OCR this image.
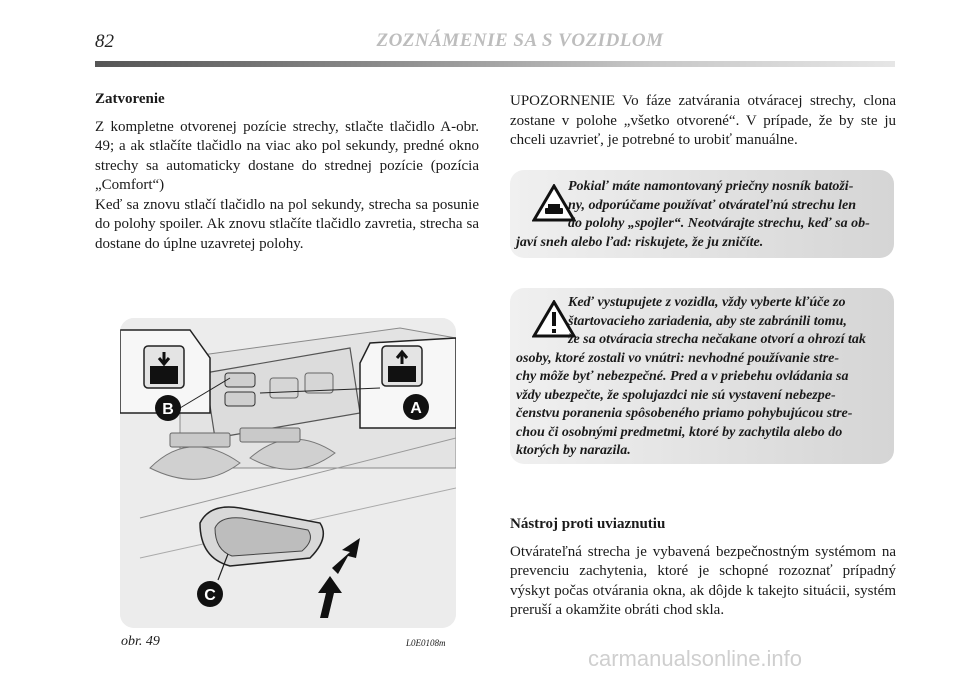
82	ZOZNÁMENIE SA S VOZIDLOM

Zatvorenie

Z kompletne otvorenej pozície strechy, stlačte tlačidlo A-obr. 49; a ak stlačíte tlačidlo na viac ako pol sekundy, predné okno strechy sa automaticky dostane do strednej pozície (pozícia „Comfort“)

Keď sa znovu stlačí tlačidlo na pol sekundy, strecha sa posunie do polohy spoiler. Ak znovu stlačíte tlačidlo zavretia, strecha sa dostane do úplne uzavretej polohy.

B	A
C
obr. 49	L0E0108m

UPOZORNENIE Vo fáze zatvárania otváracej strechy, clona zostane v polohe „všetko otvorené“. V prípade, že by ste ju chceli uzavrieť, je potrebné to urobiť manuálne.

Pokiaľ máte namontovaný priečny nosník batoži-
ny, odporúčame používať otvárateľnú strechu len
do polohy „spojler“. Neotvárajte strechu, keď sa ob-
javí sneh alebo ľad: riskujete, že ju zničíte.
Keď vystupujete z vozidla, vždy vyberte kľúče zo
štartovacieho zariadenia, aby ste zabránili tomu,
že sa otváracia strecha nečakane otvorí a ohrozí tak
osoby, ktoré zostali vo vnútri: nevhodné používanie stre-
chy môže byť nebezpečné. Pred a v priebehu ovládania sa
vždy ubezpečte, že spolujazdci nie sú vystavení nebezpe-
čenstvu poranenia spôsobeného priamo pohybujúcou stre-
chou či osobnými predmetmi, ktoré by zachytila alebo do
ktorých by narazila.

Nástroj proti uviaznutiu

Otvárateľná strecha je vybavená bezpečnostným systémom na prevenciu zachytenia, ktoré je schopné rozoznať prípadný výskyt počas otvárania okna, ak dôjde k takejto situácii, systém preruší a okamžite obráti chod skla.

carmanualsonline.info
